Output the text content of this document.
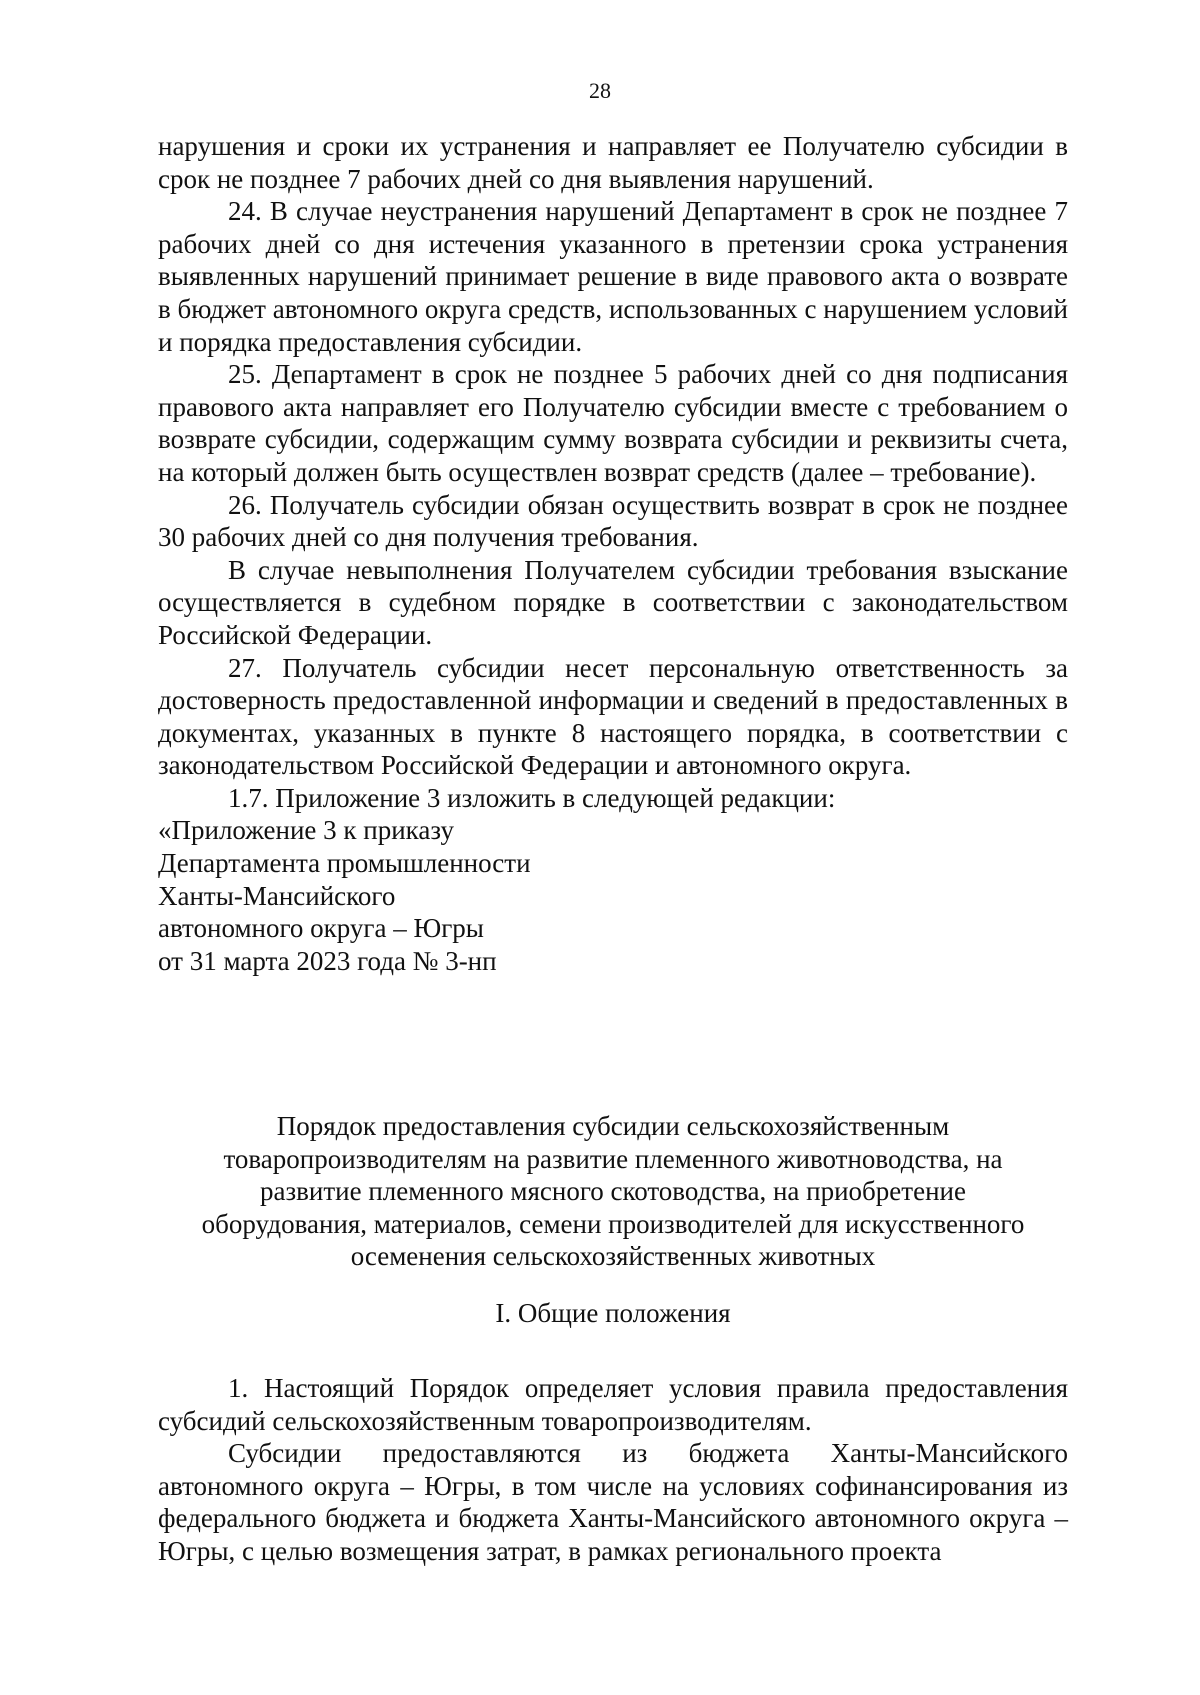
28

нарушения и сроки их устранения и направляет ее Получателю субсидии в срок не позднее 7 рабочих дней со дня выявления нарушений.

24. В случае неустранения нарушений Департамент в срок не позднее 7 рабочих дней со дня истечения указанного в претензии срока устранения выявленных нарушений принимает решение в виде правового акта о возврате в бюджет автономного округа средств, использованных с нарушением условий и порядка предоставления субсидии.

25. Департамент в срок не позднее 5 рабочих дней со дня подписания правового акта направляет его Получателю субсидии вместе с требованием о возврате субсидии, содержащим сумму возврата субсидии и реквизиты счета, на который должен быть осуществлен возврат средств (далее – требование).

26. Получатель субсидии обязан осуществить возврат в срок не позднее 30 рабочих дней со дня получения требования.

В случае невыполнения Получателем субсидии требования взыскание осуществляется в судебном порядке в соответствии с законодательством Российской Федерации.

27. Получатель субсидии несет персональную ответственность за достоверность предоставленной информации и сведений в предоставленных в документах, указанных в пункте 8 настоящего порядка, в соответствии с законодательством Российской Федерации и автономного округа.

1.7. Приложение 3 изложить в следующей редакции:

«Приложение 3 к приказу

Департамента промышленности

Ханты-Мансийского

автономного округа – Югры

от 31 марта 2023 года № 3-нп

Порядок предоставления субсидии сельскохозяйственным
товаропроизводителям на развитие племенного животноводства, на
развитие племенного мясного скотоводства, на приобретение
оборудования, материалов, семени производителей для искусственного
осеменения сельскохозяйственных животных
I. Общие положения

1. Настоящий Порядок определяет условия правила предоставления субсидий сельскохозяйственным товаропроизводителям.

Субсидии предоставляются из бюджета Ханты-Мансийского автономного округа – Югры, в том числе на условиях софинансирования из федерального бюджета и бюджета Ханты-Мансийского автономного округа – Югры, с целью возмещения затрат, в рамках регионального проекта
